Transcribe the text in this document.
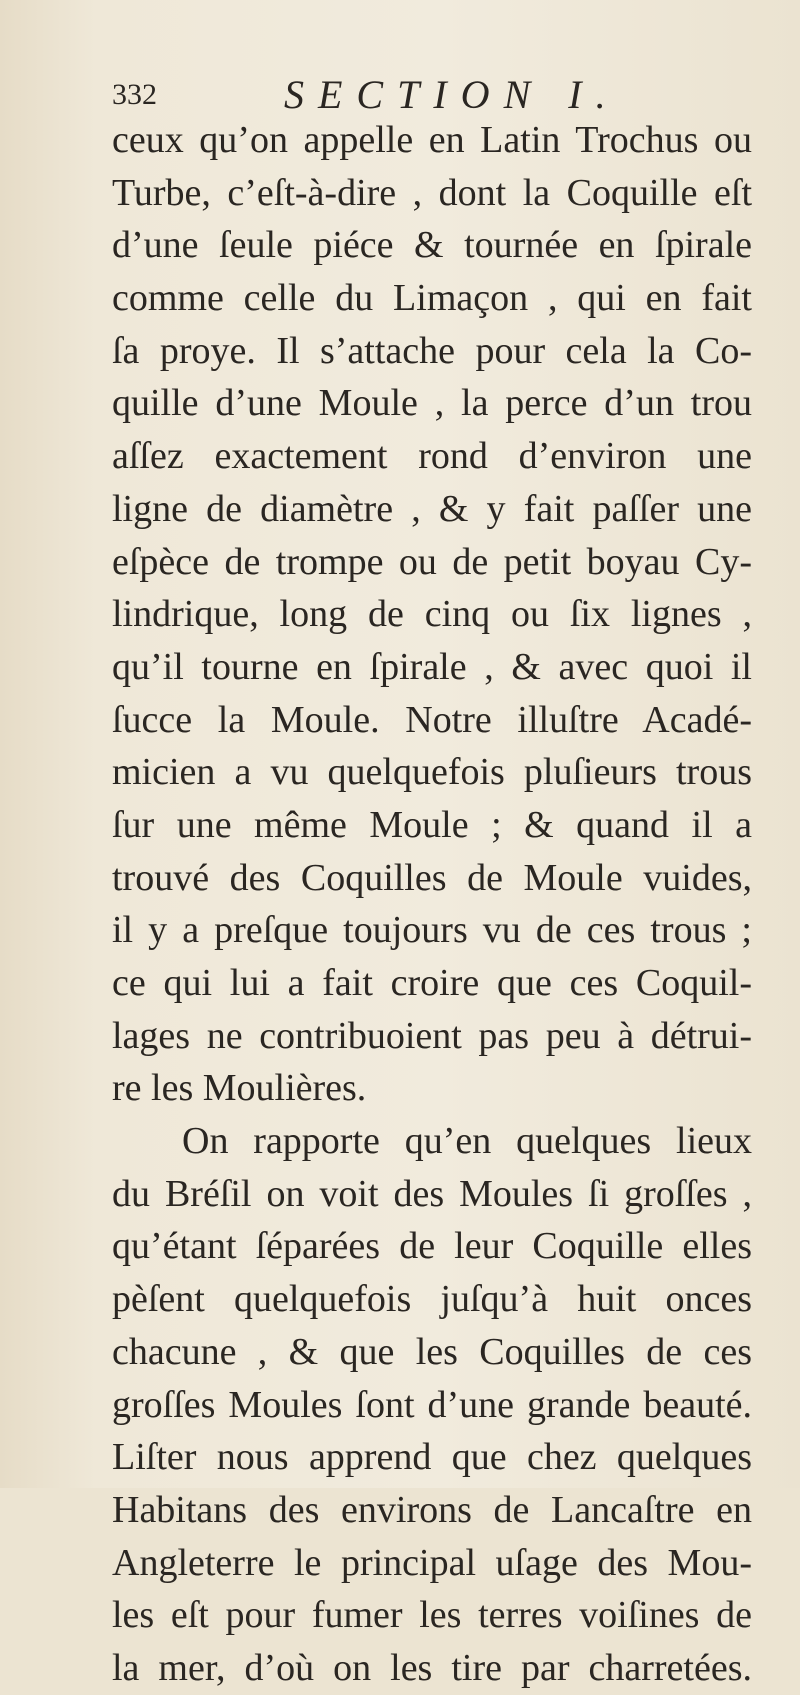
332	SECTION I.
ceux qu’on appelle en Latin Trochus ou
Turbe, c’eſt-à-dire , dont la Coquille eſt
d’une ſeule piéce & tournée en ſpirale
comme celle du Limaçon , qui en fait
ſa proye. Il s’attache pour cela la Co-
quille d’une Moule , la perce d’un trou
aſſez exactement rond d’environ une
ligne de diamètre , & y fait paſſer une
eſpèce de trompe ou de petit boyau Cy-
lindrique, long de cinq ou ſix lignes ,
qu’il tourne en ſpirale , & avec quoi il
ſucce la Moule. Notre illuſtre Acadé-
micien a vu quelquefois pluſieurs trous
ſur une même Moule ; & quand il a
trouvé des Coquilles de Moule vuides,
il y a preſque toujours vu de ces trous ;
ce qui lui a fait croire que ces Coquil-
lages ne contribuoient pas peu à détrui-
re les Moulières.
On rapporte qu’en quelques lieux
du Bréſil on voit des Moules ſi groſſes ,
qu’étant ſéparées de leur Coquille elles
pèſent quelquefois juſqu’à huit onces
chacune , & que les Coquilles de ces
groſſes Moules ſont d’une grande beauté.
Liſter nous apprend que chez quelques
Habitans des environs de Lancaſtre en
Angleterre le principal uſage des Mou-
les eſt pour fumer les terres voiſines de
la mer, d’où on les tire par charretées.
